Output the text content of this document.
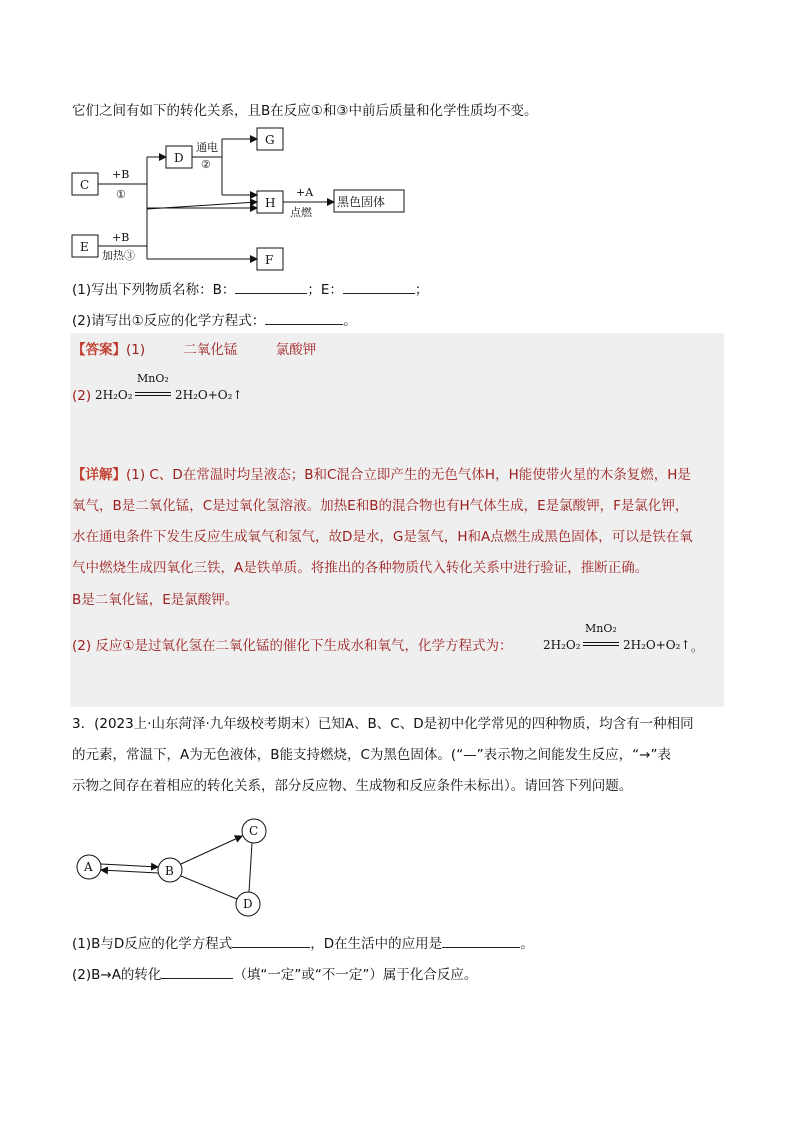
它们之间有如下的转化关系，且B在反应①和③中前后质量和化学性质均不变。
C
D
G
H	黑色固体
E
F
+B
①
通电
②
+A
点燃
+B
加热③
(1)写出下列物质名称：B：	；E：	；
(2)请写出①反应的化学方程式：	。
【答案】(1)	二氧化锰	氯酸钾
(2) 2H₂O₂
MnO₂
2H₂O+O₂↑
【详解】(1) C、D在常温时均呈液态；B和C混合立即产生的无色气体H，H能使带火星的木条复燃，H是
氧气，B是二氧化锰，C是过氧化氢溶液。加热E和B的混合物也有H气体生成，E是氯酸钾，F是氯化钾，
水在通电条件下发生反应生成氧气和氢气，故D是水，G是氢气，H和A点燃生成黑色固体，可以是铁在氧
气中燃烧生成四氧化三铁，A是铁单质。将推出的各种物质代入转化关系中进行验证，推断正确。
B是二氧化锰，E是氯酸钾。
(2) 反应①是过氧化氢在二氧化锰的催化下生成水和氧气，化学方程式为：	2H₂O₂
MnO₂
2H₂O+O₂↑ 。
3．(2023上·山东菏泽·九年级校考期末）已知A、B、C、D是初中化学常见的四种物质，均含有一种相同
的元素，常温下，A为无色液体，B能支持燃烧，C为黑色固体。(“—”表示物之间能发生反应，“→”表
示物之间存在着相应的转化关系，部分反应物、生成物和反应条件未标出）。请回答下列问题。
A	B
C
D
(1)B与D反应的化学方程式	，D在生活中的应用是	。
(2)B→A的转化	（填“一定”或“不一定”）属于化合反应。
